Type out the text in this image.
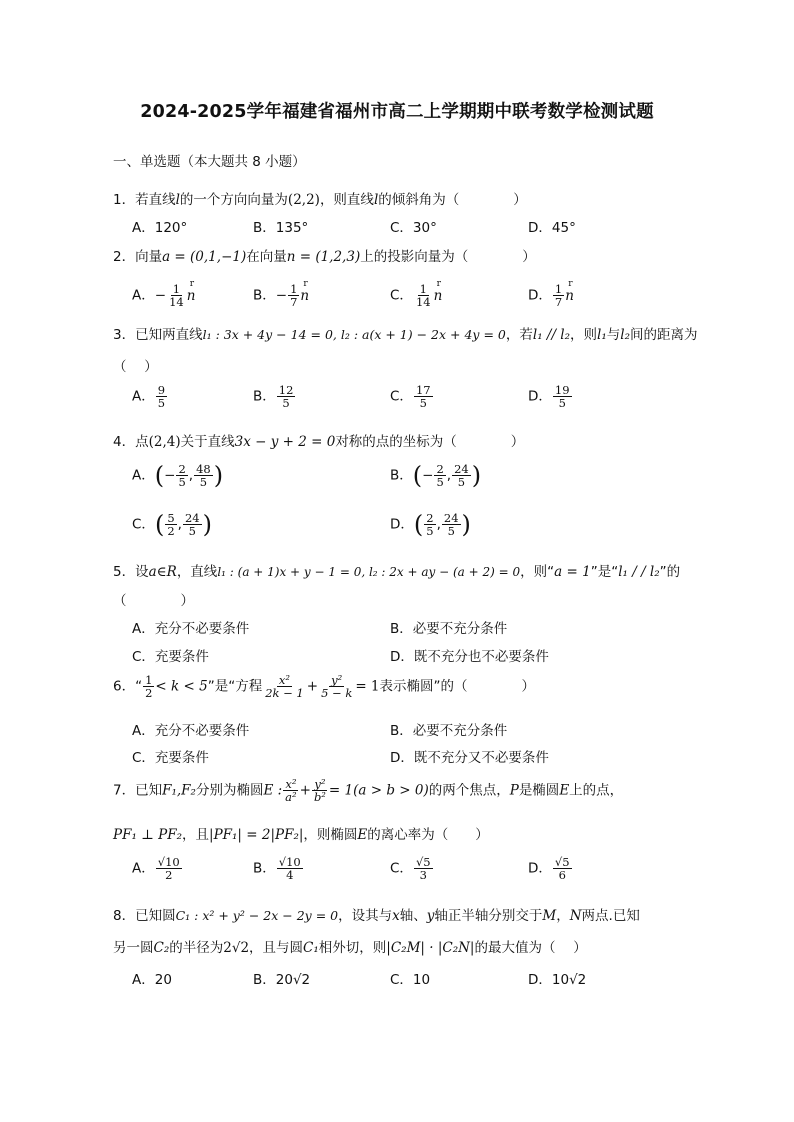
2024-2025学年福建省福州市高二上学期期中联考数学检测试题
一、单选题（本大题共 8 小题）
1．若直线l的一个方向向量为(2,2)，则直线l的倾斜角为（　　　　）
A．120°	B．135°	C．30°	D．45°
2．向量a = (0,1,−1)在向量n = (1,2,3)上的投影向量为（　　　　）
A．− $\frac{1}{14}$ r n	B．− $\frac{1}{7}$ r n	C． $\frac{1}{14}$ r n	D． $\frac{1}{7}$ r n
3．已知两直线l₁ : 3x + 4y − 14 = 0, l₂ : a(x + 1) − 2x + 4y = 0，若l₁ // l₂，则l₁与l₂间的距离为
（　 ）
A． $\frac{9}{5}$	B． $\frac{12}{5}$	C． $\frac{17}{5}$	D． $\frac{19}{5}$
4．点(2,4)关于直线3x − y + 2 = 0对称的点的坐标为（　　　　）
A．(− $\frac{2}{5}$ , $\frac{48}{5}$ )	B．(− $\frac{2}{5}$ , $\frac{24}{5}$ )
C．( $\frac{5}{2}$ , $\frac{24}{5}$ )	D．( $\frac{2}{5}$ , $\frac{24}{5}$ )
5．设a∈R，直线l₁ : (a + 1)x + y − 1 = 0, l₂ : 2x + ay − (a + 2) = 0，则“a = 1”是“l₁ / / l₂”的
（　　　　）
A．充分不必要条件	B．必要不充分条件
C．充要条件	D．既不充分也不必要条件
6．“ $\frac{1}{2} < k < 5$”是“方程 $\frac{\text{x²}}{2k - 1} + \frac{\text{y²}}{5 - k} = 1$表示椭圆”的（　　　　）
A．充分不必要条件	B．必要不充分条件
C．充要条件	D．既不充分又不必要条件
7．已知F₁,F₂分别为椭圆E : $\frac{\text{x²}}{\text{a²}} + \frac{\text{y²}}{\text{b²}} = 1(a > b > 0)$的两个焦点，P是椭圆E上的点，
PF₁ ⊥ PF₂，且|PF₁| = 2|PF₂|，则椭圆E的离心率为（　　）
A． $\frac{√10}{2}$	B． $\frac{√10}{4}$	C． $\frac{√5}{3}$	D． $\frac{√5}{6}$
8．已知圆C₁ : x² + y² − 2x − 2y = 0，设其与x轴、y轴正半轴分别交于M，N两点.已知
另一圆C₂的半径为2√2，且与圆C₁相外切，则|C₂M| · |C₂N|的最大值为（　 ）
A．20	B．20√2	C．10	D．10√2
